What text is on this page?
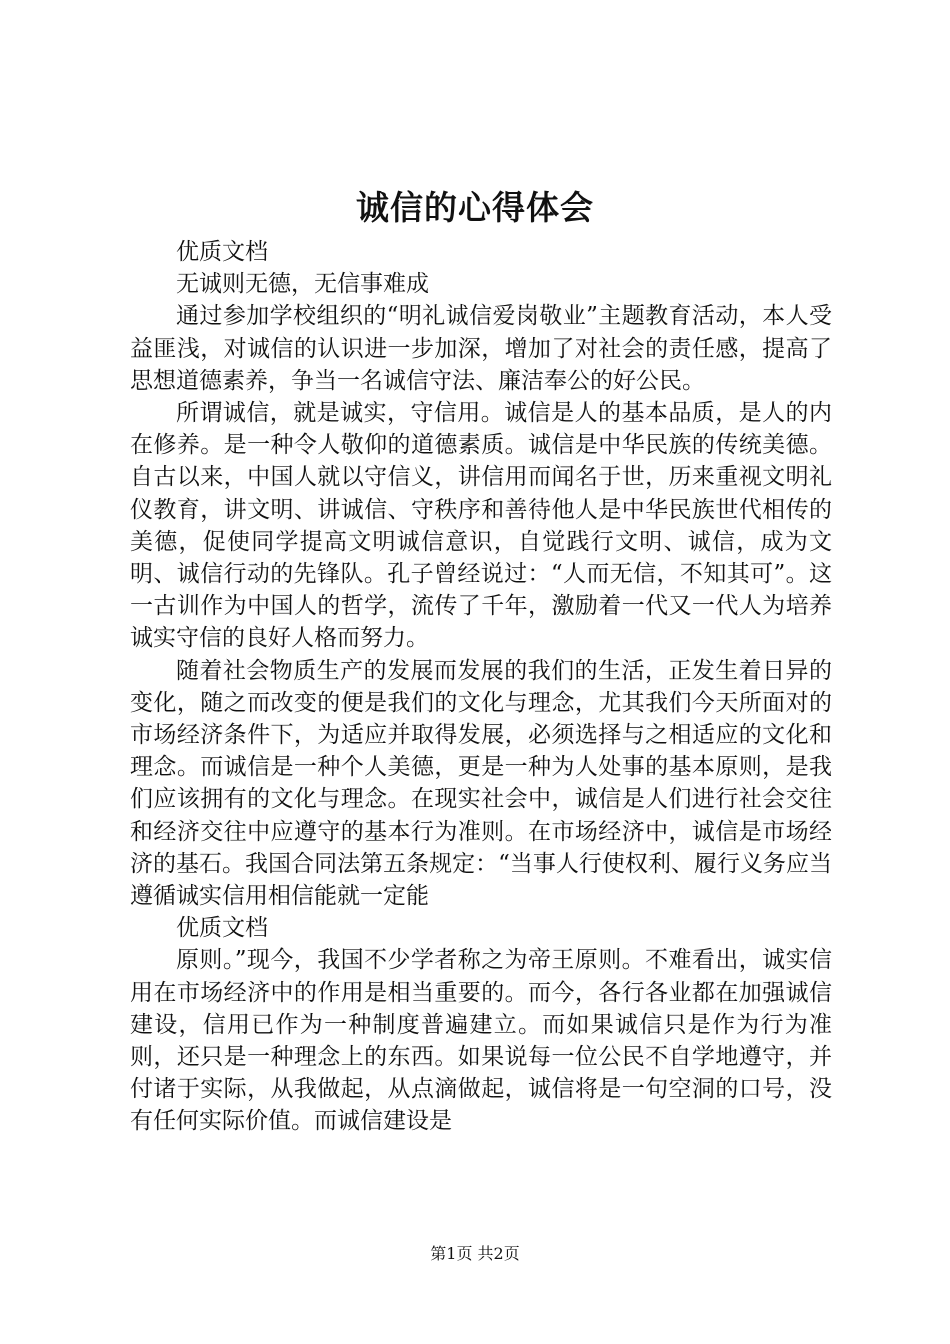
诚信的心得体会

优质文档

无诚则无德，无信事难成

通过参加学校组织的“明礼诚信爱岗敬业”主题教育活动，本人受益匪浅，对诚信的认识进一步加深，增加了对社会的责任感，提高了思想道德素养，争当一名诚信守法、廉洁奉公的好公民。

所谓诚信，就是诚实，守信用。诚信是人的基本品质，是人的内在修养。是一种令人敬仰的道德素质。诚信是中华民族的传统美德。自古以来，中国人就以守信义，讲信用而闻名于世，历来重视文明礼仪教育，讲文明、讲诚信、守秩序和善待他人是中华民族世代相传的美德，促使同学提高文明诚信意识，自觉践行文明、诚信，成为文明、诚信行动的先锋队。孔子曾经说过：“人而无信，不知其可”。这一古训作为中国人的哲学，流传了千年，激励着一代又一代人为培养诚实守信的良好人格而努力。

随着社会物质生产的发展而发展的我们的生活，正发生着日异的变化，随之而改变的便是我们的文化与理念，尤其我们今天所面对的市场经济条件下，为适应并取得发展，必须选择与之相适应的文化和理念。而诚信是一种个人美德，更是一种为人处事的基本原则，是我们应该拥有的文化与理念。在现实社会中，诚信是人们进行社会交往和经济交往中应遵守的基本行为准则。在市场经济中，诚信是市场经济的基石。我国合同法第五条规定：“当事人行使权利、履行义务应当遵循诚实信用相信能就一定能

优质文档

原则。”现今，我国不少学者称之为帝王原则。不难看出，诚实信用在市场经济中的作用是相当重要的。而今，各行各业都在加强诚信建设，信用已作为一种制度普遍建立。而如果诚信只是作为行为准则，还只是一种理念上的东西。如果说每一位公民不自学地遵守，并付诸于实际，从我做起，从点滴做起，诚信将是一句空洞的口号，没有任何实际价值。而诚信建设是

第1页 共2页
